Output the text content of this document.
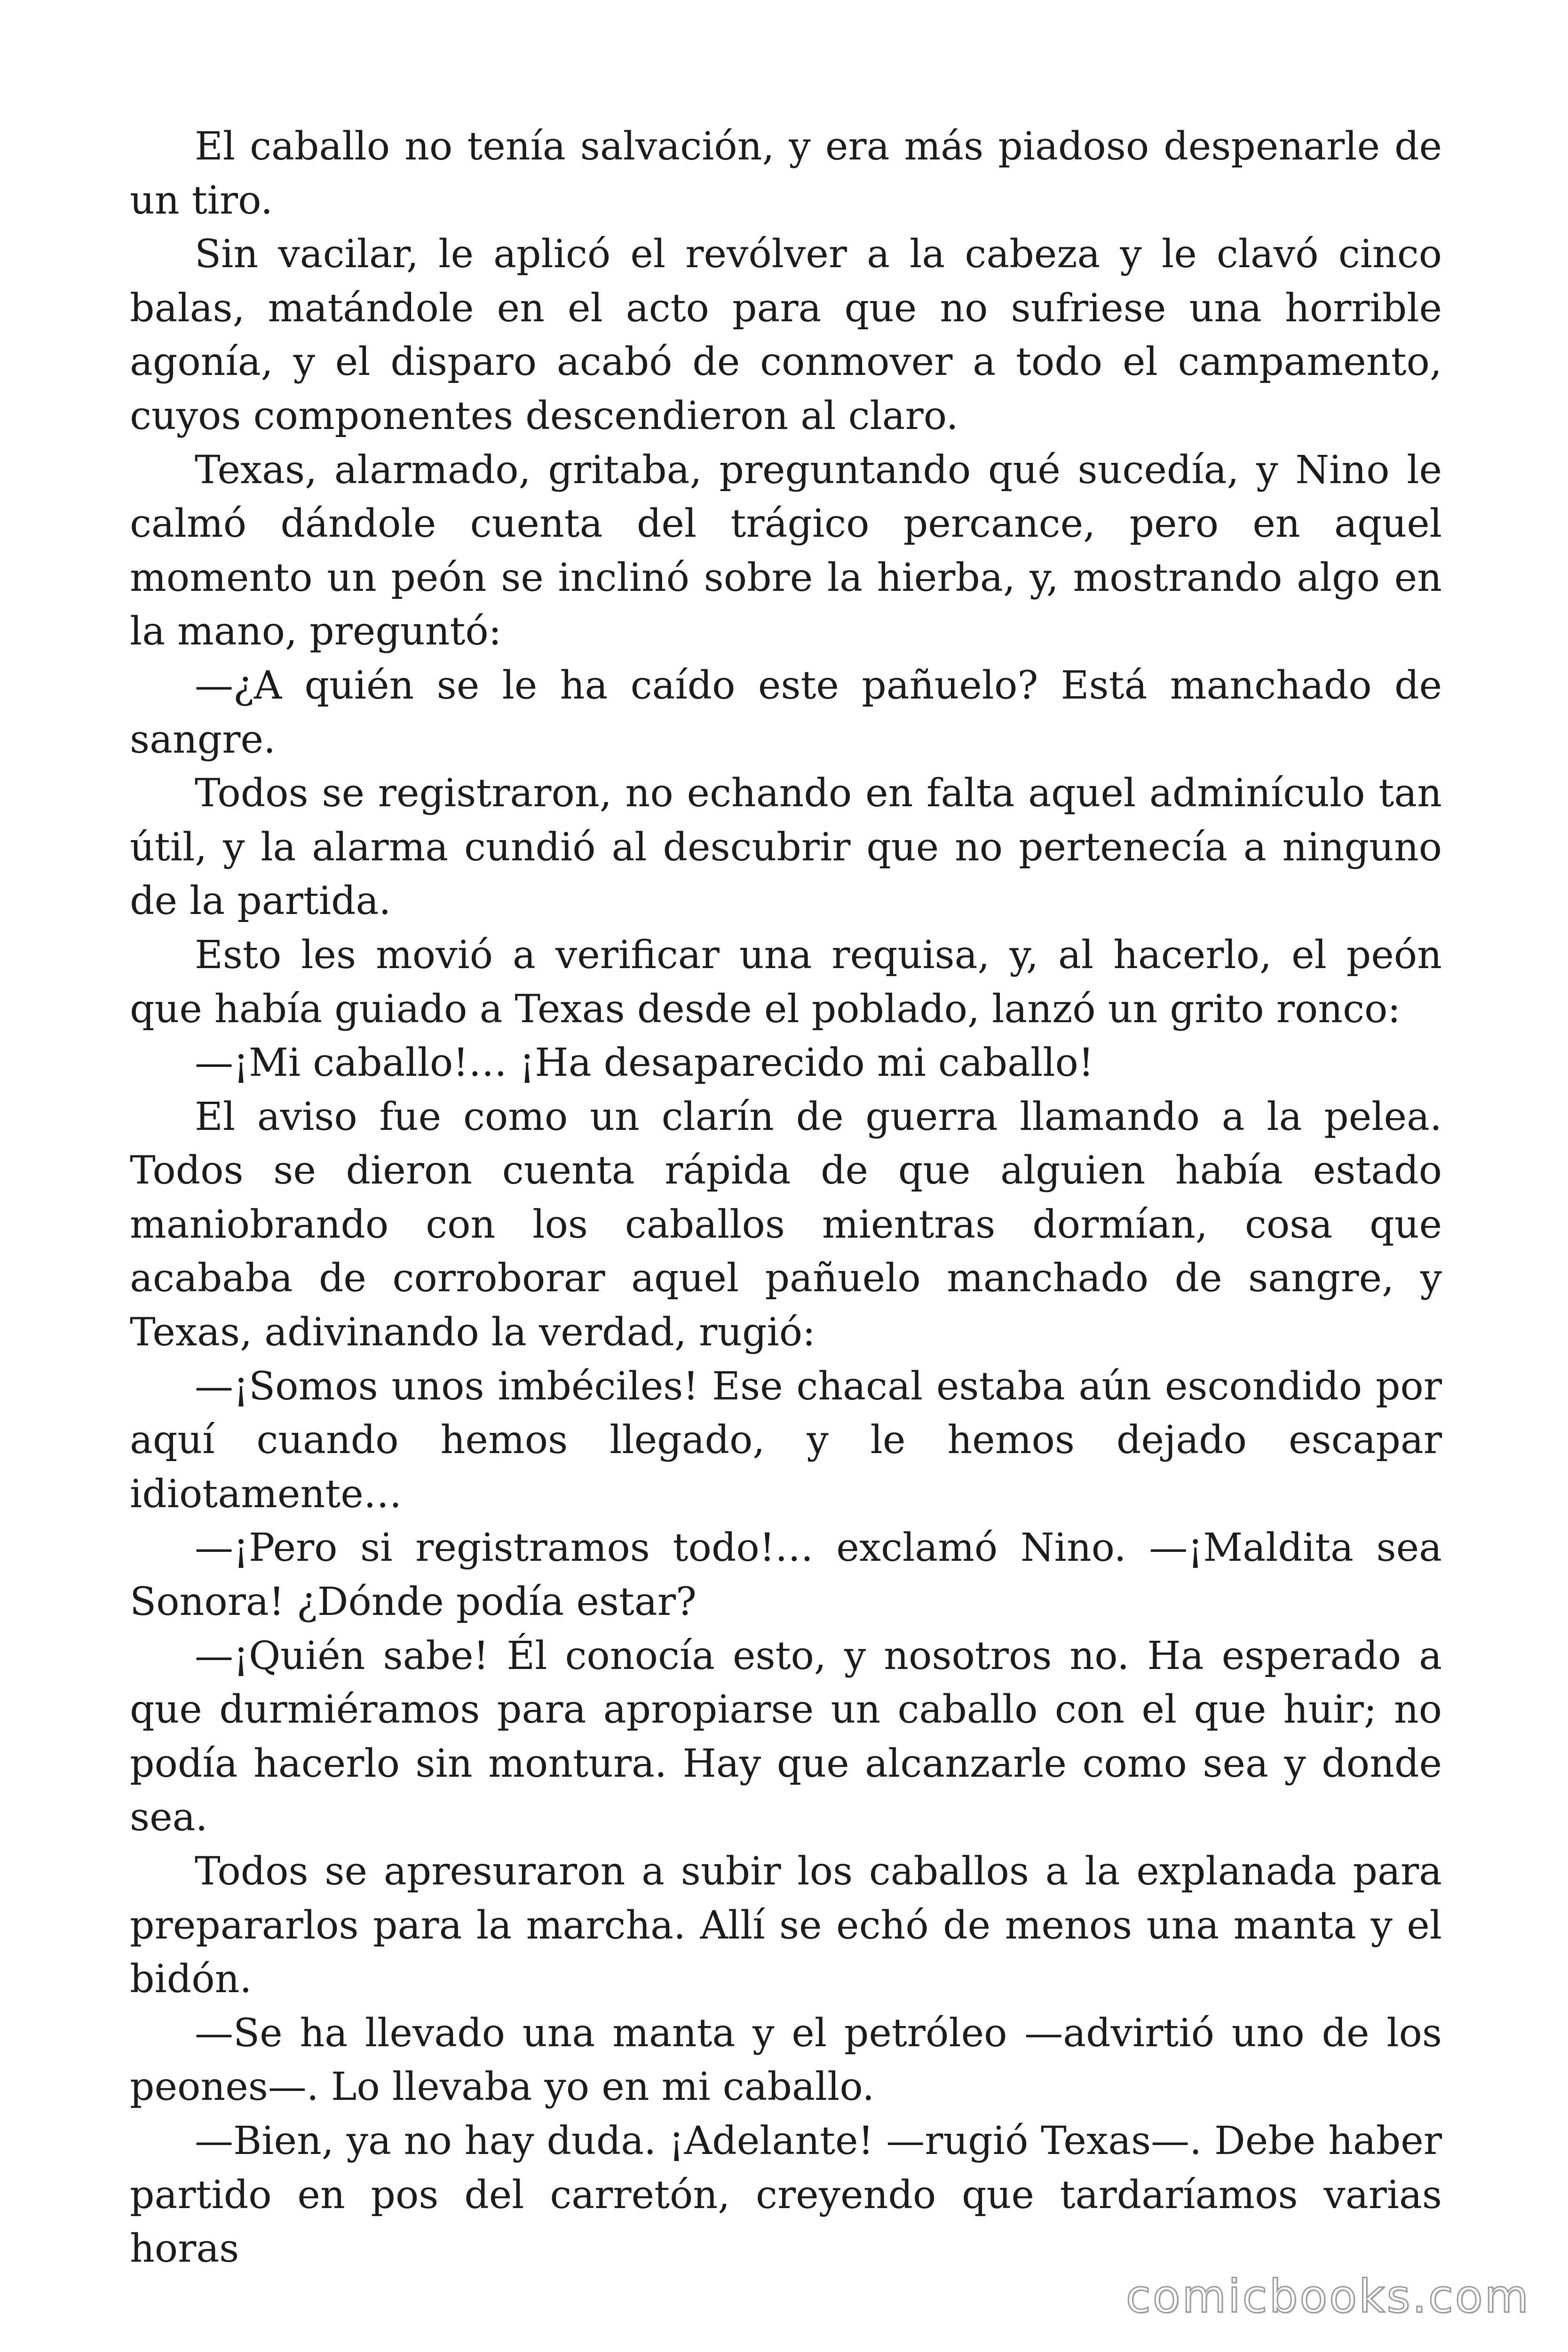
El caballo no tenía salvación, y era más piadoso despenarle de un tiro.

Sin vacilar, le aplicó el revólver a la cabeza y le clavó cinco balas, matándole en el acto para que no sufriese una horrible agonía, y el disparo acabó de conmover a todo el campamento, cuyos componentes descendieron al claro.

Texas, alarmado, gritaba, preguntando qué sucedía, y Nino le calmó dándole cuenta del trágico percance, pero en aquel momento un peón se inclinó sobre la hierba, y, mostrando algo en la mano, preguntó:

—¿A quién se le ha caído este pañuelo? Está manchado de sangre.

Todos se registraron, no echando en falta aquel adminículo tan útil, y la alarma cundió al descubrir que no pertenecía a ninguno de la partida.

Esto les movió a verificar una requisa, y, al hacerlo, el peón que había guiado a Texas desde el poblado, lanzó un grito ronco:

—¡Mi caballo!… ¡Ha desaparecido mi caballo!

El aviso fue como un clarín de guerra llamando a la pelea. Todos se dieron cuenta rápida de que alguien había estado maniobrando con los caballos mientras dormían, cosa que acababa de corroborar aquel pañuelo manchado de sangre, y Texas, adivinando la verdad, rugió:

—¡Somos unos imbéciles! Ese chacal estaba aún escondido por aquí cuando hemos llegado, y le hemos dejado escapar idiotamente…

—¡Pero si registramos todo!… exclamó Nino. —¡Maldita sea Sonora! ¿Dónde podía estar?

—¡Quién sabe! Él conocía esto, y nosotros no. Ha esperado a que durmiéramos para apropiarse un caballo con el que huir; no podía hacerlo sin montura. Hay que alcanzarle como sea y donde sea.

Todos se apresuraron a subir los caballos a la explanada para prepararlos para la marcha. Allí se echó de menos una manta y el bidón.

—Se ha llevado una manta y el petróleo —advirtió uno de los peones—. Lo llevaba yo en mi caballo.

—Bien, ya no hay duda. ¡Adelante! —rugió Texas—. Debe haber partido en pos del carretón, creyendo que tardaríamos varias horas

comicbooks.com
